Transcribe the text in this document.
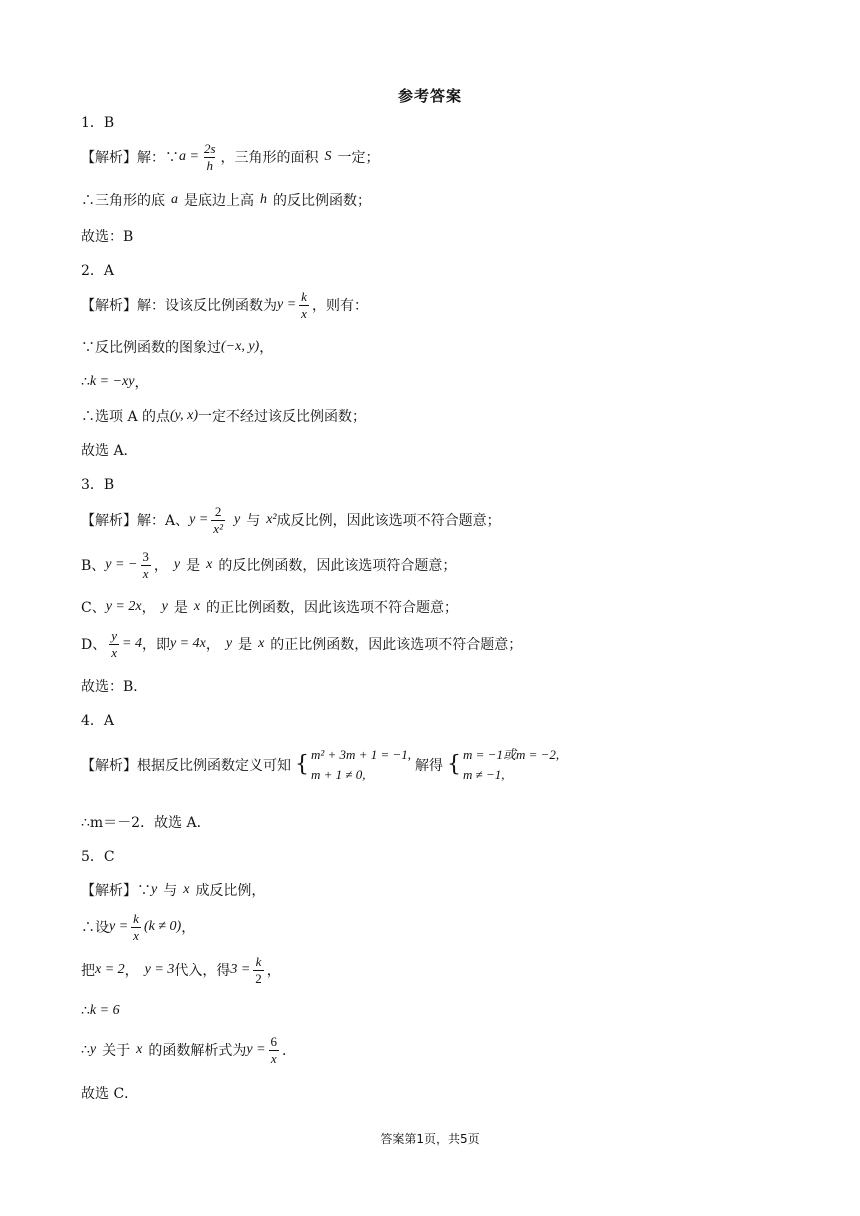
参考答案
1．B
【解析】解：∵ $a = \frac{2s}{h}$ ，三角形的面积 S 一定；
∴三角形的底 a 是底边上高 h 的反比例函数；
故选：B
2．A
【解析】解：设该反比例函数为 $y = \frac{k}{x}$ ，则有：
∵反比例函数的图象过 (−x, y) ，
∴ k = −xy ，
∴选项 A 的点 (y, x) 一定不经过该反比例函数；
故选 A．
3．B
【解析】解：A、 $y = \frac{2}{\text{x²}}$ y 与 x² 成反比例，因此该选项不符合题意；
B、 y = − $\frac{3}{x}$ ， y 是 x 的反比例函数，因此该选项符合题意；
C、 y = 2x ， y 是 x 的正比例函数，因此该选项不符合题意；
D、 $\frac{y}{x} = 4$ ，即 y = 4x ， y 是 x 的正比例函数，因此该选项不符合题意；
故选：B．
4．A
【解析】根据反比例函数定义可知 { m² + 3m + 1 = −1,
m + 1 ≠ 0,
解得 { m = −1或m = −2,
m ≠ −1,
∴m＝－2．故选 A．
5．C
【解析】∵ y 与 x 成反比例，
∴设 $y = \frac{k}{x} (k \ne 0)$ ，
把 x = 2 ， y = 3 代入，得 $3 = \frac{k}{2}$ ，
∴ k = 6
∴ y 关于 x 的函数解析式为 $y = \frac{6}{x}$ ．
故选 C．
答案第1页，共5页
